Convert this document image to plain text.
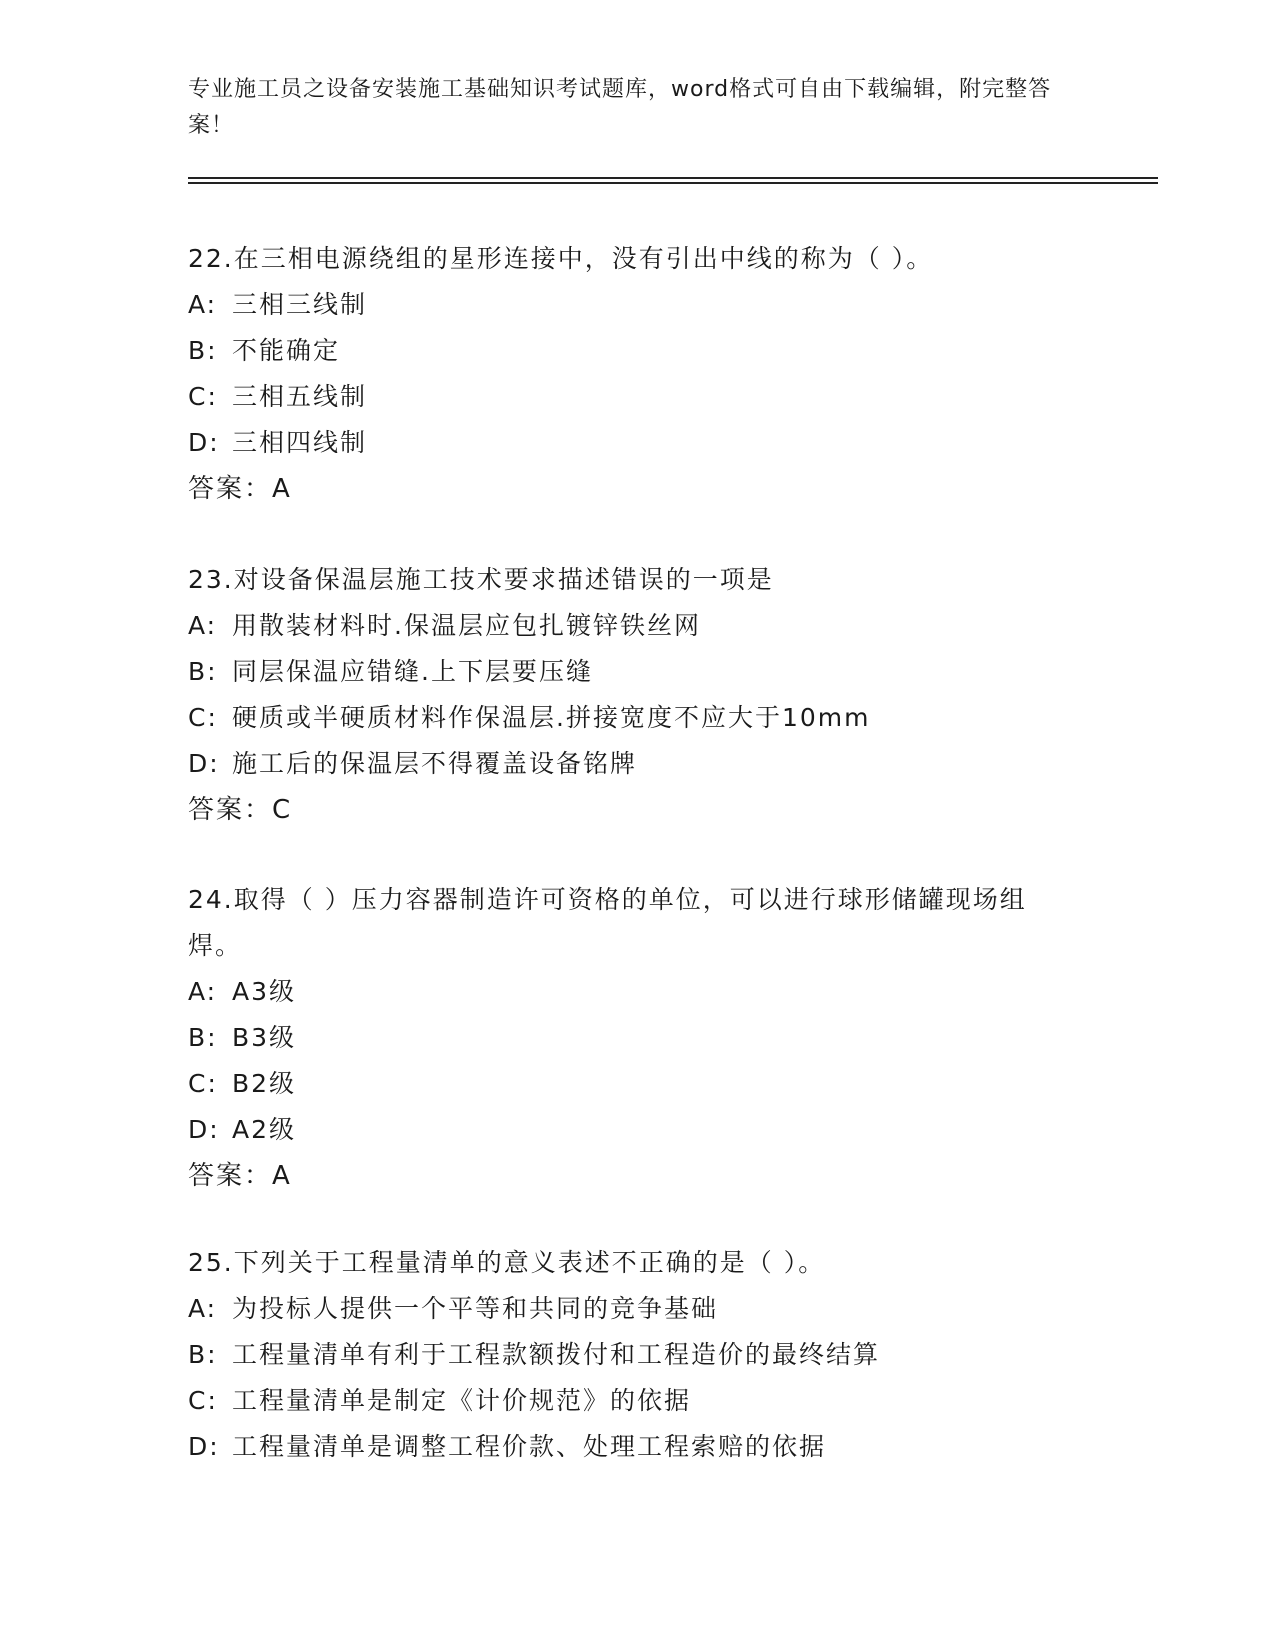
专业施工员之设备安装施工基础知识考试题库，word格式可自由下载编辑，附完整答案！
22.在三相电源绕组的星形连接中，没有引出中线的称为（ ）。
A: 三相三线制
B: 不能确定
C: 三相五线制
D: 三相四线制
答案：A
23.对设备保温层施工技术要求描述错误的一项是
A: 用散装材料时.保温层应包扎镀锌铁丝网
B: 同层保温应错缝.上下层要压缝
C: 硬质或半硬质材料作保温层.拼接宽度不应大于10mm
D: 施工后的保温层不得覆盖设备铭牌
答案：C
24.取得（ ）压力容器制造许可资格的单位，可以进行球形储罐现场组焊。
A: A3级
B: B3级
C: B2级
D: A2级
答案：A
25.下列关于工程量清单的意义表述不正确的是（ ）。
A: 为投标人提供一个平等和共同的竞争基础
B: 工程量清单有利于工程款额拨付和工程造价的最终结算
C: 工程量清单是制定《计价规范》的依据
D: 工程量清单是调整工程价款、处理工程索赔的依据
